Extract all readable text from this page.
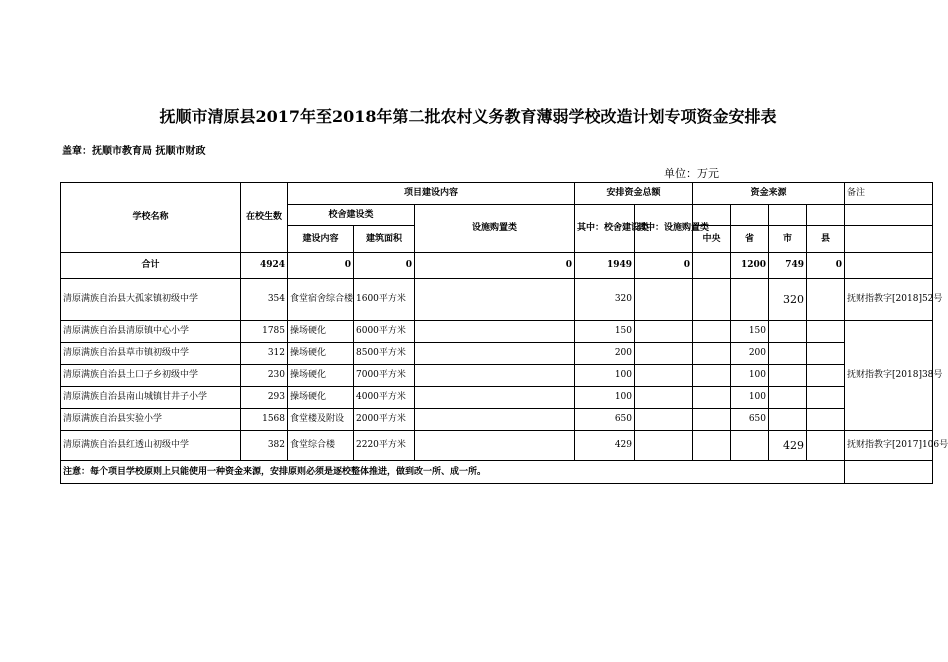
抚顺市清原县2017年至2018年第二批农村义务教育薄弱学校改造计划专项资金安排表
盖章：抚顺市教育局 抚顺市财政
单位：万元
学校名称	在校生数	项目建设内容			安排资金总额		资金来源				备注
		校舍建设类		设施购置类	其中：校舍建设类	其中：设施购置类					
		建设内容	建筑面积				中央	省	市	县	
合计	4924	0	0	0	1949	0		1200	749	0	
清原满族自治县大孤家镇初级中学	354	食堂宿舍综合楼	1600平方米		320				320		抚财指教字[2018]52号
清原满族自治县清原镇中心小学	1785	操场硬化	6000平方米		150			150			抚财指教字[2018]38号
清原满族自治县草市镇初级中学	312	操场硬化	8500平方米		200			200			
清原满族自治县土口子乡初级中学	230	操场硬化	7000平方米		100			100			
清原满族自治县南山城镇甘井子小学	293	操场硬化	4000平方米		100			100			
清原满族自治县实验小学	1568	食堂楼及附设	2000平方米		650			650			
清原满族自治县红透山初级中学	382	食堂综合楼	2220平方米		429				429		抚财指教字[2017]106号
注意：每个项目学校原则上只能使用一种资金来源，安排原则必须是逐校整体推进，做到改一所、成一所。											
